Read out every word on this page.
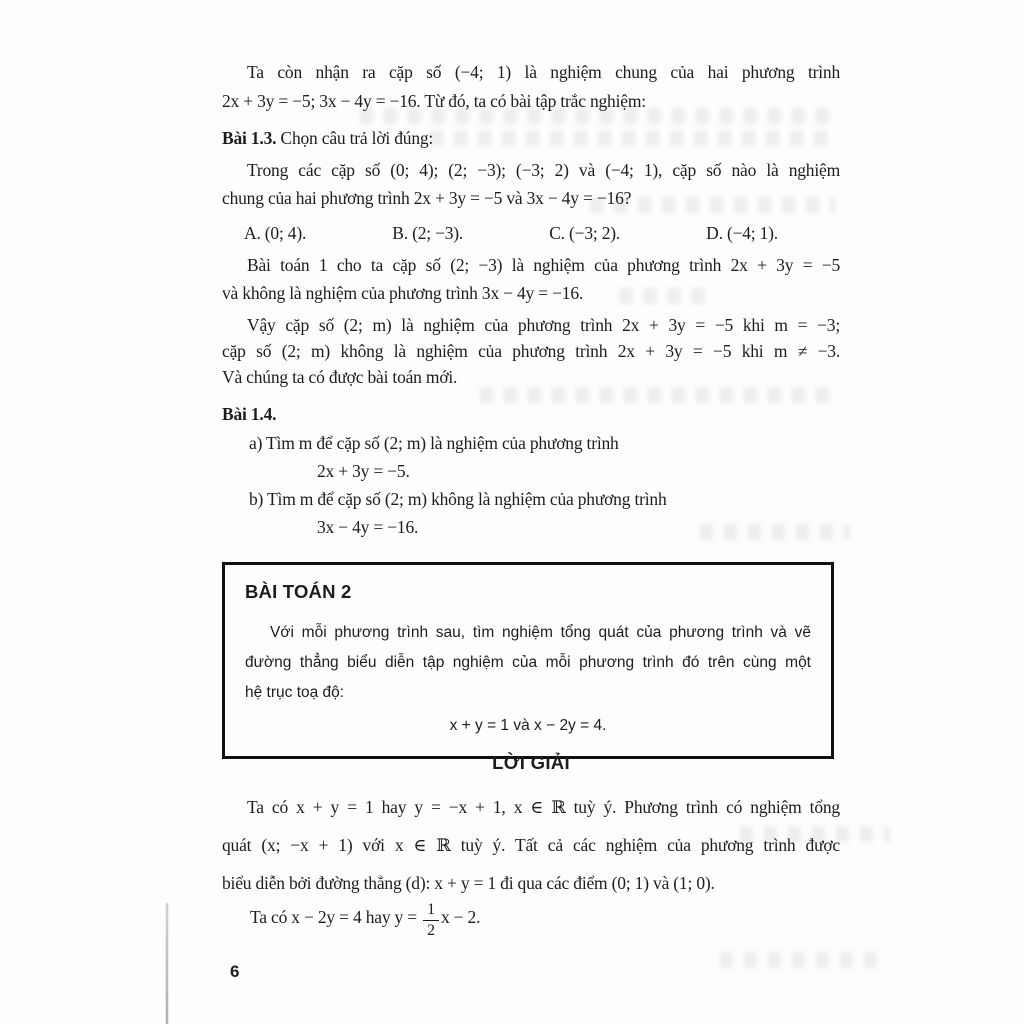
Ta còn nhận ra cặp số (−4; 1) là nghiệm chung của hai phương trình
2x + 3y = −5; 3x − 4y = −16. Từ đó, ta có bài tập trắc nghiệm:
Bài 1.3. Chọn câu trả lời đúng:
Trong các cặp số (0; 4); (2; −3); (−3; 2) và (−4; 1), cặp số nào là nghiệm
chung của hai phương trình 2x + 3y = −5 và 3x − 4y = −16?
A. (0; 4).	B. (2; −3).	C. (−3; 2).	D. (−4; 1).
Bài toán 1 cho ta cặp số (2; −3) là nghiệm của phương trình 2x + 3y = −5
và không là nghiệm của phương trình 3x − 4y = −16.
Vậy cặp số (2; m) là nghiệm của phương trình 2x + 3y = −5 khi m = −3;
cặp số (2; m) không là nghiệm của phương trình 2x + 3y = −5 khi m ≠ −3.
Và chúng ta có được bài toán mới.
Bài 1.4.
a) Tìm m để cặp số (2; m) là nghiệm của phương trình
2x + 3y = −5.
b) Tìm m để cặp số (2; m) không là nghiệm của phương trình
3x − 4y = −16.
BÀI TOÁN 2
Với mỗi phương trình sau, tìm nghiệm tổng quát của phương trình và vẽ
đường thẳng biểu diễn tập nghiệm của mỗi phương trình đó trên cùng một
hệ trục toạ độ:
x + y = 1 và x − 2y = 4.
LỜI GIẢI
Ta có x + y = 1 hay y = −x + 1, x ∈ ℝ tuỳ ý. Phương trình có nghiệm tổng
quát (x; −x + 1) với x ∈ ℝ tuỳ ý. Tất cả các nghiệm của phương trình được
biểu diễn bởi đường thẳng (d): x + y = 1 đi qua các điểm (0; 1) và (1; 0).
Ta có x − 2y = 4 hay $y = \frac{1}{2}$ x − 2.
6
